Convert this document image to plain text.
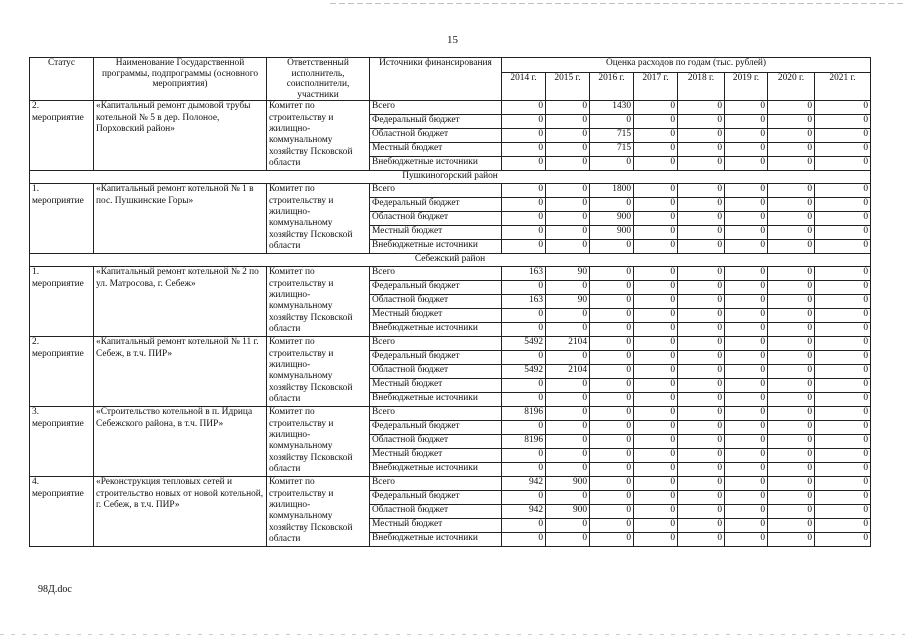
15
Статус	Наименование Государственной программы, подпрограммы (основного мероприятия)	Ответственный исполнитель, соисполнители, участники	Источники финансирования	Оценка расходов по годам (тыс. рублей)							
				2014 г.	2015 г.	2016 г.	2017 г.	2018 г.	2019 г.	2020 г.	2021 г.
2. мероприятие	«Капитальный ремонт дымовой трубы котельной № 5 в дер. Полоное, Порховский район»	Комитет по строительству и жилищно-коммунальному хозяйству Псковской области	Всего	0	0	1430	0	0	0	0	0
			Федеральный бюджет	0	0	0	0	0	0	0	0
			Областной бюджет	0	0	715	0	0	0	0	0
			Местный бюджет	0	0	715	0	0	0	0	0
			Внебюджетные источники	0	0	0	0	0	0	0	0
Пушкиногорский район											
1. мероприятие	«Капитальный ремонт котельной № 1 в пос. Пушкинские Горы»	Комитет по строительству и жилищно-коммунальному хозяйству Псковской области	Всего	0	0	1800	0	0	0	0	0
			Федеральный бюджет	0	0	0	0	0	0	0	0
			Областной бюджет	0	0	900	0	0	0	0	0
			Местный бюджет	0	0	900	0	0	0	0	0
			Внебюджетные источники	0	0	0	0	0	0	0	0
Себежский район											
1. мероприятие	«Капитальный ремонт котельной № 2 по ул. Матросова, г. Себеж»	Комитет по строительству и жилищно-коммунальному хозяйству Псковской области	Всего	163	90	0	0	0	0	0	0
			Федеральный бюджет	0	0	0	0	0	0	0	0
			Областной бюджет	163	90	0	0	0	0	0	0
			Местный бюджет	0	0	0	0	0	0	0	0
			Внебюджетные источники	0	0	0	0	0	0	0	0
2. мероприятие	«Капитальный ремонт котельной № 11 г. Себеж, в т.ч. ПИР»	Комитет по строительству и жилищно-коммунальному хозяйству Псковской области	Всего	5492	2104	0	0	0	0	0	0
			Федеральный бюджет	0	0	0	0	0	0	0	0
			Областной бюджет	5492	2104	0	0	0	0	0	0
			Местный бюджет	0	0	0	0	0	0	0	0
			Внебюджетные источники	0	0	0	0	0	0	0	0
3. мероприятие	«Строительство котельной в п. Идрица Себежского района, в т.ч. ПИР»	Комитет по строительству и жилищно-коммунальному хозяйству Псковской области	Всего	8196	0	0	0	0	0	0	0
			Федеральный бюджет	0	0	0	0	0	0	0	0
			Областной бюджет	8196	0	0	0	0	0	0	0
			Местный бюджет	0	0	0	0	0	0	0	0
			Внебюджетные источники	0	0	0	0	0	0	0	0
4. мероприятие	«Реконструкция тепловых сетей и строительство новых от новой котельной, г. Себеж, в т.ч. ПИР»	Комитет по строительству и жилищно-коммунальному хозяйству Псковской области	Всего	942	900	0	0	0	0	0	0
			Федеральный бюджет	0	0	0	0	0	0	0	0
			Областной бюджет	942	900	0	0	0	0	0	0
			Местный бюджет	0	0	0	0	0	0	0	0
			Внебюджетные источники	0	0	0	0	0	0	0	0
98Д.doc
